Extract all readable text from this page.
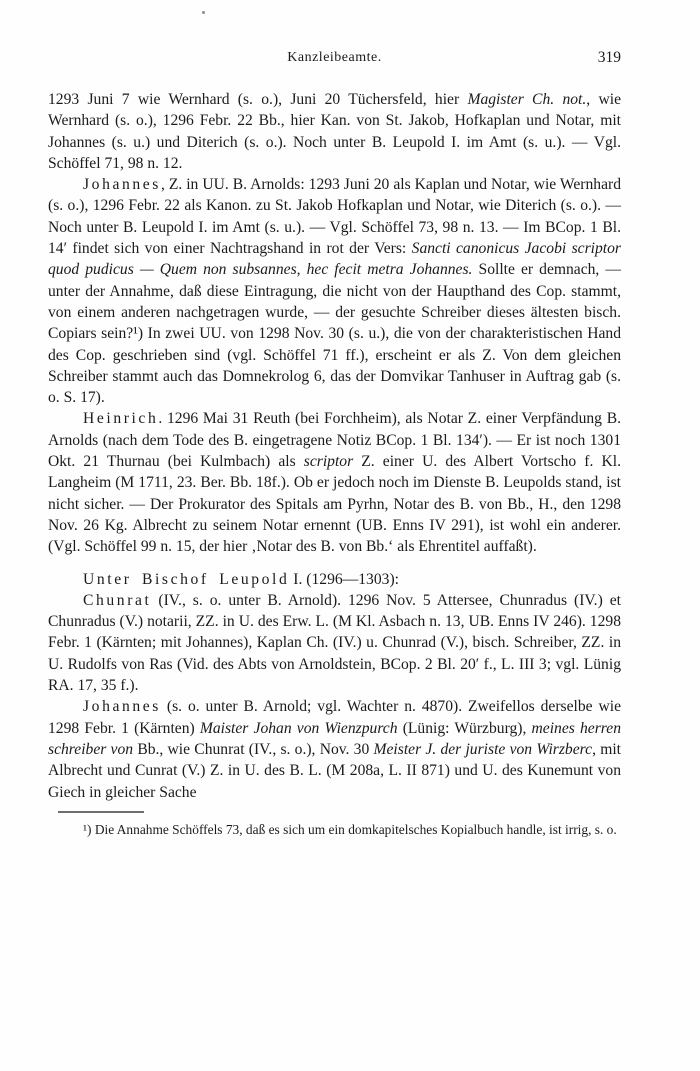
Kanzleibeamte.	319

1293 Juni 7 wie Wernhard (s. o.), Juni 20 Tüchersfeld, hier Magister Ch. not., wie Wernhard (s. o.), 1296 Febr. 22 Bb., hier Kan. von St. Jakob, Hofkaplan und Notar, mit Johannes (s. u.) und Diterich (s. o.). Noch unter B. Leupold I. im Amt (s. u.). — Vgl. Schöffel 71, 98 n. 12.

Johannes, Z. in UU. B. Arnolds: 1293 Juni 20 als Kaplan und Notar, wie Wernhard (s. o.), 1296 Febr. 22 als Kanon. zu St. Jakob Hofkaplan und Notar, wie Diterich (s. o.). — Noch unter B. Leupold I. im Amt (s. u.). — Vgl. Schöffel 73, 98 n. 13. — Im BCop. 1 Bl. 14′ findet sich von einer Nachtragshand in rot der Vers: Sancti canonicus Jacobi scriptor quod pudicus — Quem non subsannes, hec fecit metra Johannes. Sollte er demnach, — unter der Annahme, daß diese Eintragung, die nicht von der Haupthand des Cop. stammt, von einem anderen nachgetragen wurde, — der gesuchte Schreiber dieses ältesten bisch. Copiars sein?¹) In zwei UU. von 1298 Nov. 30 (s. u.), die von der charakteristischen Hand des Cop. geschrieben sind (vgl. Schöffel 71 ff.), erscheint er als Z. Von dem gleichen Schreiber stammt auch das Domnekrolog 6, das der Domvikar Tanhuser in Auftrag gab (s. o. S. 17).

Heinrich. 1296 Mai 31 Reuth (bei Forchheim), als Notar Z. einer Verpfändung B. Arnolds (nach dem Tode des B. eingetragene Notiz BCop. 1 Bl. 134′). — Er ist noch 1301 Okt. 21 Thurnau (bei Kulmbach) als scriptor Z. einer U. des Albert Vortscho f. Kl. Langheim (M 1711, 23. Ber. Bb. 18f.). Ob er jedoch noch im Dienste B. Leupolds stand, ist nicht sicher. — Der Prokurator des Spitals am Pyrhn, Notar des B. von Bb., H., den 1298 Nov. 26 Kg. Albrecht zu seinem Notar ernennt (UB. Enns IV 291), ist wohl ein anderer. (Vgl. Schöffel 99 n. 15, der hier ‚Notar des B. von Bb.‘ als Ehrentitel auffaßt).

Unter Bischof Leupold I. (1296—1303):

Chunrat (IV., s. o. unter B. Arnold). 1296 Nov. 5 Attersee, Chunradus (IV.) et Chunradus (V.) notarii, ZZ. in U. des Erw. L. (M Kl. Asbach n. 13, UB. Enns IV 246). 1298 Febr. 1 (Kärnten; mit Johannes), Kaplan Ch. (IV.) u. Chunrad (V.), bisch. Schreiber, ZZ. in U. Rudolfs von Ras (Vid. des Abts von Arnoldstein, BCop. 2 Bl. 20′ f., L. III 3; vgl. Lünig RA. 17, 35 f.).

Johannes (s. o. unter B. Arnold; vgl. Wachter n. 4870). Zweifellos derselbe wie 1298 Febr. 1 (Kärnten) Maister Johan von Wienzpurch (Lünig: Würzburg), meines herren schreiber von Bb., wie Chunrat (IV., s. o.), Nov. 30 Meister J. der juriste von Wirzberc, mit Albrecht und Cunrat (V.) Z. in U. des B. L. (M 208a, L. II 871) und U. des Kunemunt von Giech in gleicher Sache

¹) Die Annahme Schöffels 73, daß es sich um ein domkapitelsches Kopialbuch handle, ist irrig, s. o.
